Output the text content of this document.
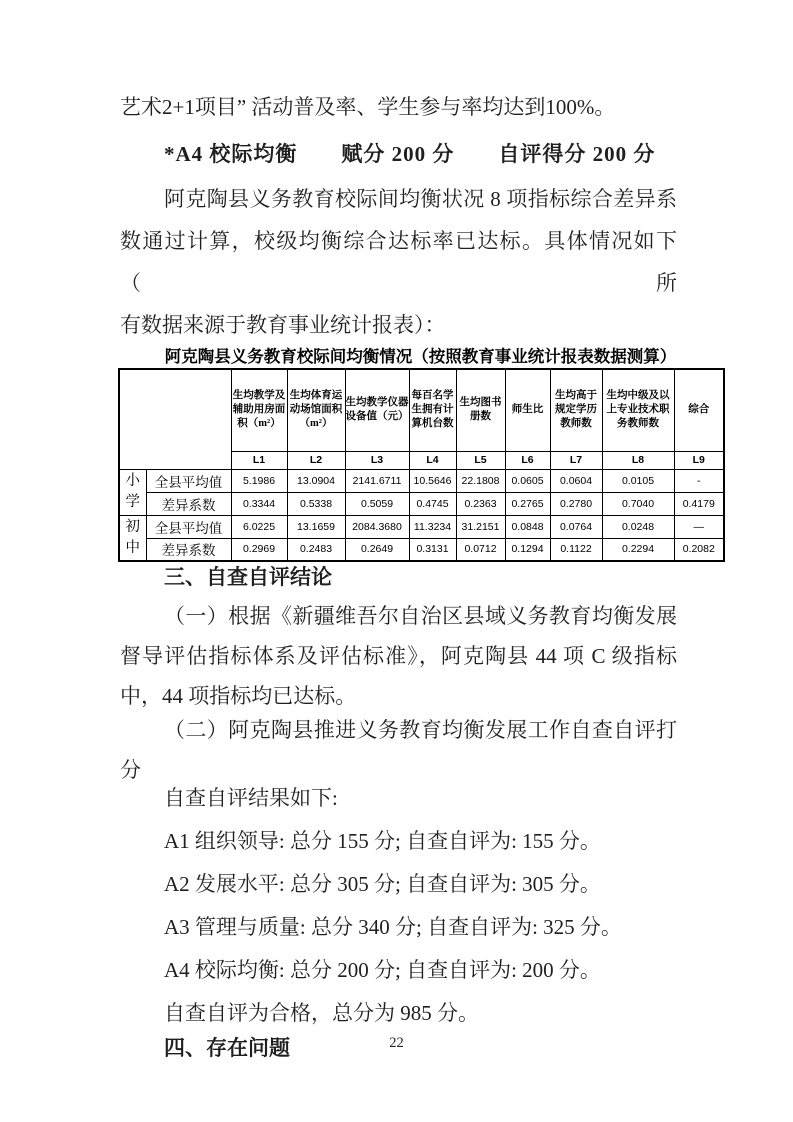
艺术2+1项目” 活动普及率、学生参与率均达到100%。

*A4 校际均衡　　赋分 200 分　　自评得分 200 分

阿克陶县义务教育校际间均衡状况 8 项指标综合差异系
数通过计算，校级均衡综合达标率已达标。具体情况如下（所
有数据来源于教育事业统计报表）：

阿克陶县义务教育校际间均衡情况（按照教育事业统计报表数据测算）

		生均教学及辅助用房面积（m²）	生均体育运动场馆面积（m²）	生均教学仪器设备值（元）	每百名学生拥有计算机台数	生均图书册数	师生比	生均高于规定学历教师数	生均中级及以上专业技术职务教师数	综合
		L1	L2	L3	L4	L5	L6	L7	L8	L9
小学	全县平均值	5.1986	13.0904	2141.6711	10.5646	22.1808	0.0605	0.0604	0.0105	-
	差异系数	0.3344	0.5338	0.5059	0.4745	0.2363	0.2765	0.2780	0.7040	0.4179
初中	全县平均值	6.0225	13.1659	2084.3680	11.3234	31.2151	0.0848	0.0764	0.0248	—
	差异系数	0.2969	0.2483	0.2649	0.3131	0.0712	0.1294	0.1122	0.2294	0.2082

三、自查自评结论

（一）根据《新疆维吾尔自治区县域义务教育均衡发展
督导评估指标体系及评估标准》，阿克陶县 44 项 C 级指标
中，44 项指标均已达标。
（二）阿克陶县推进义务教育均衡发展工作自查自评打
分

自查自评结果如下:

A1 组织领导: 总分 155 分; 自查自评为: 155 分。
A2 发展水平: 总分 305 分; 自查自评为: 305 分。
A3 管理与质量: 总分 340 分; 自查自评为: 325 分。
A4 校际均衡: 总分 200 分; 自查自评为: 200 分。
自查自评为合格，总分为 985 分。

四、存在问题	22
